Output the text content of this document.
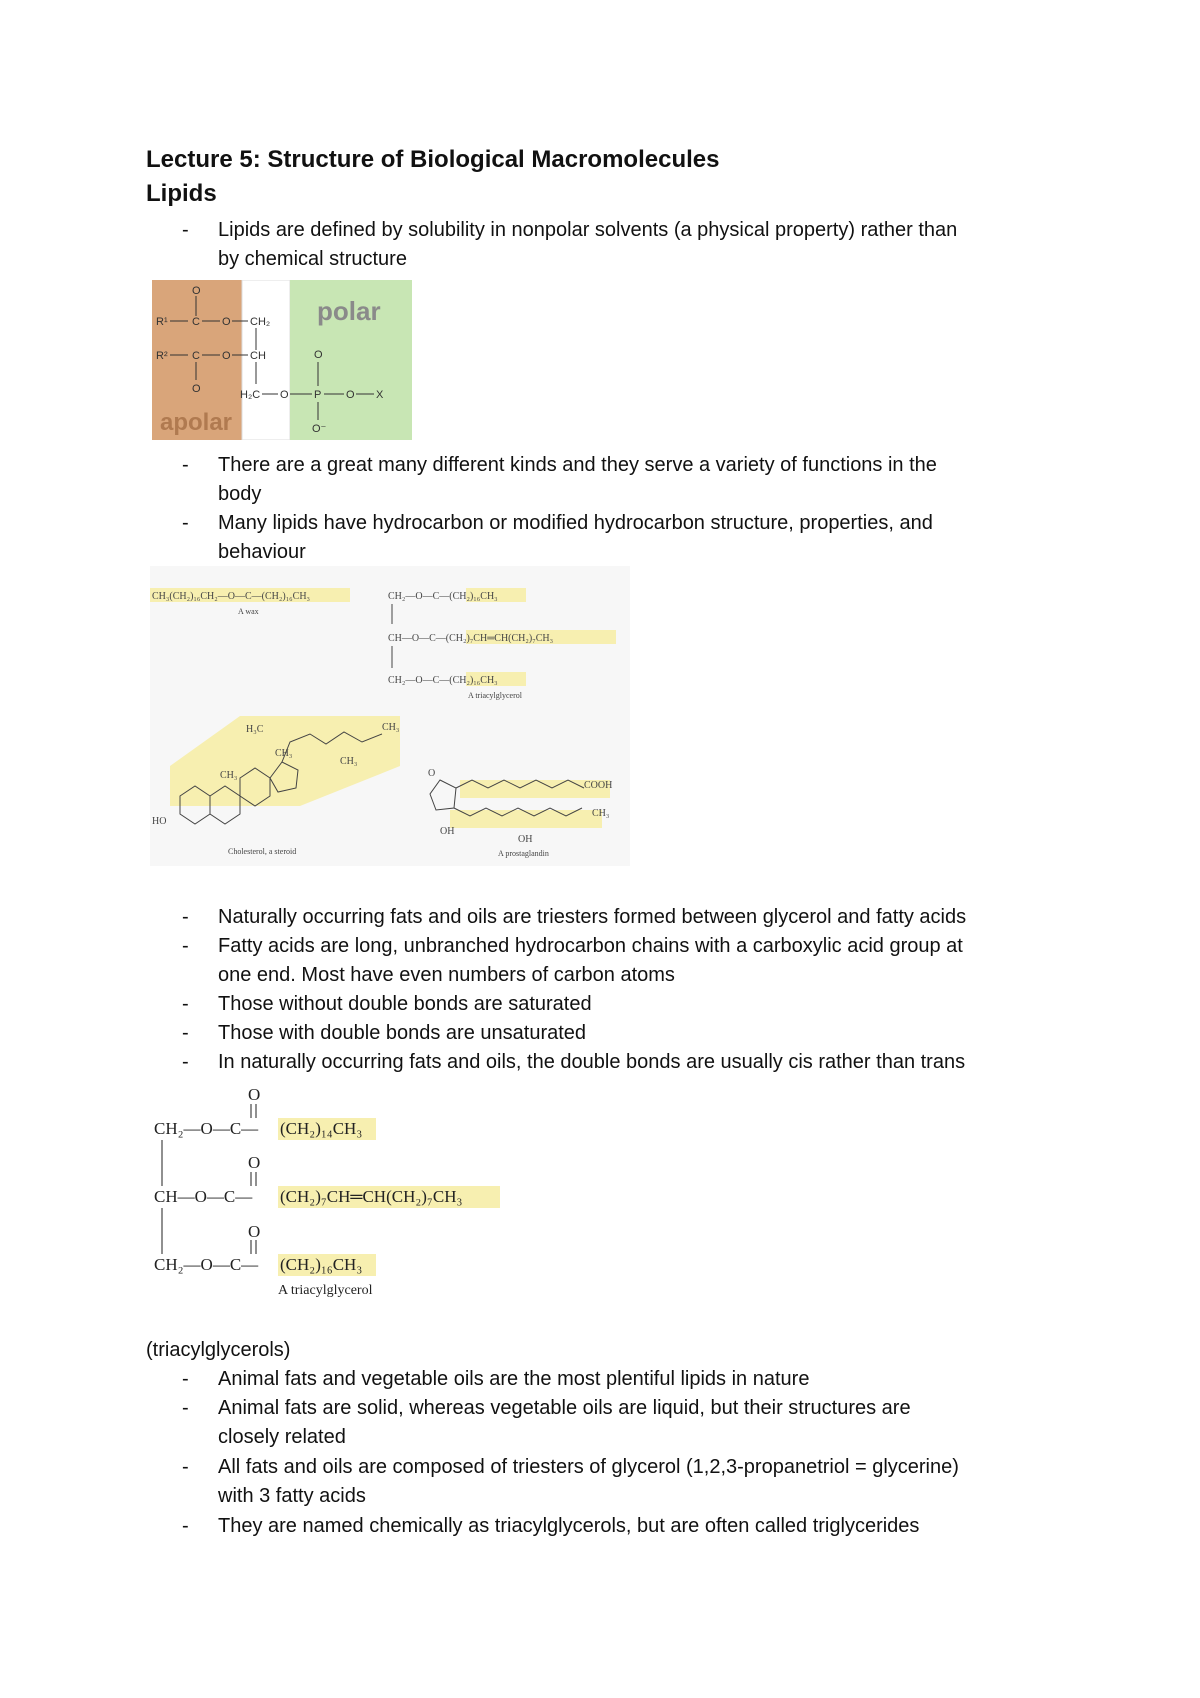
Lecture 5: Structure of Biological Macromolecules
Lipids
- Lipids are defined by solubility in nonpolar solvents (a physical property) rather than
by chemical structure
polar
apolar
O
R¹ C O CH₂
R² C O CH
O	H₂C O P
O
O X
O⁻
- There are a great many different kinds and they serve a variety of functions in the
body
- Many lipids have hydrocarbon or modified hydrocarbon structure, properties, and
behaviour
CH₃(CH₂)₁₆CH₂—O—C—(CH₂)₁₆CH₃
A wax
CH₂—O—C—(CH₂)₁₆CH₃
CH—O—C—(CH₂)₇CH═CH(CH₂)₇CH₃
CH₂—O—C—(CH₂)₁₆CH₃
A triacylglycerol
H₃C
CH₃
CH₃
CH₃
CH₃
HO
Cholesterol, a steroid
COOH
CH₃
O
OH
OH
A prostaglandin
- Naturally occurring fats and oils are triesters formed between glycerol and fatty acids
- Fatty acids are long, unbranched hydrocarbon chains with a carboxylic acid group at
one end. Most have even numbers of carbon atoms
- Those without double bonds are saturated
- Those with double bonds are unsaturated
- In naturally occurring fats and oils, the double bonds are usually cis rather than trans
O
CH₂—O—C— (CH₂)₁₄CH₃
O
CH—O—C— (CH₂)₇CH═CH(CH₂)₇CH₃
O
CH₂—O—C— (CH₂)₁₆CH₃
A triacylglycerol
(triacylglycerols)
- Animal fats and vegetable oils are the most plentiful lipids in nature
- Animal fats are solid, whereas vegetable oils are liquid, but their structures are
closely related
- All fats and oils are composed of triesters of glycerol (1,2,3-propanetriol = glycerine)
with 3 fatty acids
- They are named chemically as triacylglycerols, but are often called triglycerides
